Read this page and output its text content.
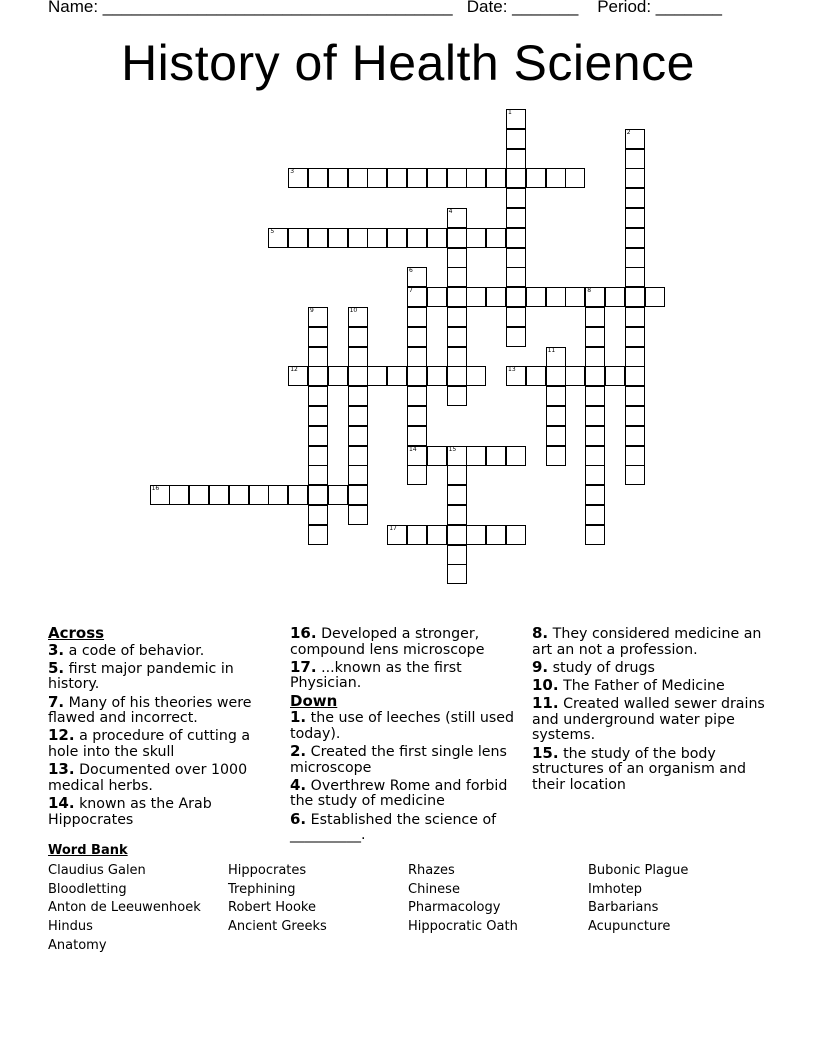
Name: _____________________________________   Date: _______    Period: _______
History of Health Science
1
2
3
4
5
6
7
14
8
9	10
11
12	13
15
16
17
Across
3. a code of behavior.
5. first major pandemic in history.
7. Many of his theories were flawed and incorrect.
12. a procedure of cutting a hole into the skull
13. Documented over 1000 medical herbs.
14. known as the Arab Hippocrates
16. Developed a stronger, compound lens microscope
17. ...known as the first Physician.
Down
1. the use of leeches (still used today).
2. Created the first single lens microscope
4. Overthrew Rome and forbid the study of medicine
6. Established the science of __________.
8. They considered medicine an art an not a profession.
9. study of drugs
10. The Father of Medicine
11. Created walled sewer drains and underground water pipe systems.
15. the study of the body structures of an organism and their location
Word Bank
Claudius Galen	Hippocrates	Rhazes	Bubonic Plague
Bloodletting	Trephining	Chinese	Imhotep
Anton de Leeuwenhoek Robert Hooke	Pharmacology	Barbarians
Hindus	Ancient Greeks	Hippocratic Oath	Acupuncture
Anatomy
